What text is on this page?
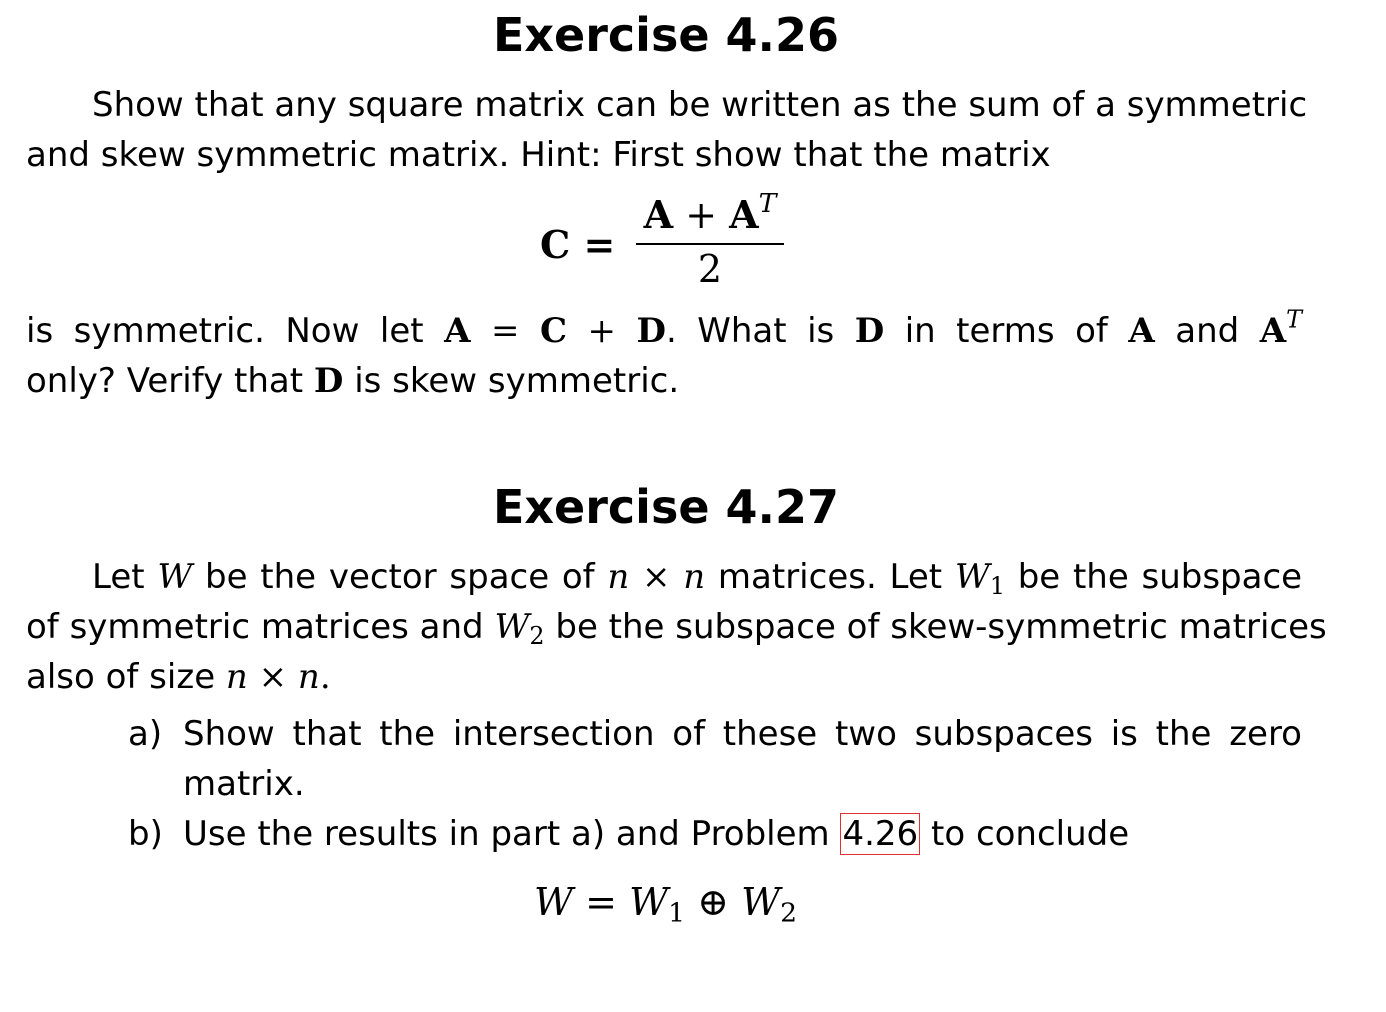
Exercise 4.26

Show that any square matrix can be written as the sum of a symmetric

and skew symmetric matrix. Hint: First show that the matrix

C =
$A + A^T$
2

is symmetric. Now let A = C + D. What is D in terms of A and $A^T$

only? Verify that D is skew symmetric.

Exercise 4.27

Let W be the vector space of n × n matrices. Let $W_1$ be the subspace

of symmetric matrices and $W_2$ be the subspace of skew-symmetric matrices

also of size n × n.

a) Show that the intersection of these two subspaces is the zero

matrix.

b) Use the results in part a) and Problem 4.26 to conclude

$W = W_1$ ⊕ $W_2$
